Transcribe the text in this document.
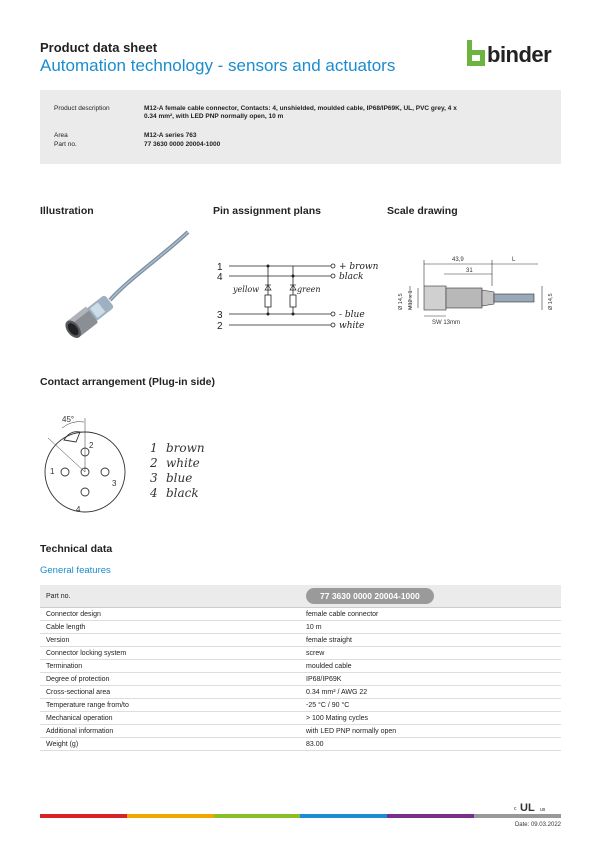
Product data sheet
Automation technology - sensors and actuators	binder
Product description	M12-A female cable connector, Contacts: 4, unshielded, moulded cable, IP68/IP69K, UL, PVC grey, 4 x 0.34 mm², with LED PNP normally open, 10 m
Area	M12-A series 763
Part no.	77 3630 0000 20004-1000
Illustration	Pin assignment plans	Scale drawing
1
4
3
2
+ brown
black
- blue
white
yellow	green
43,9
31
L
SW 13mm
Ø 14,5 M12 x 1	Ø 14,5
Contact arrangement (Plug-in side)
45°
1
2
3
4
1 brown
2 white
3 blue
4 black
Technical data
General features
Part no.	77 3630 0000 20004-1000
Connector design	female cable connector
Cable length	10 m
Version	female straight
Connector locking system	screw
Termination	moulded cable
Degree of protection	IP68/IP69K
Cross-sectional area	0.34 mm² / AWG 22
Temperature range from/to	-25 °C / 90 °C
Mechanical operation	> 100 Mating cycles
Additional information	with LED PNP normally open
Weight (g)	83.00
c UL us
Date: 09.03.2022
